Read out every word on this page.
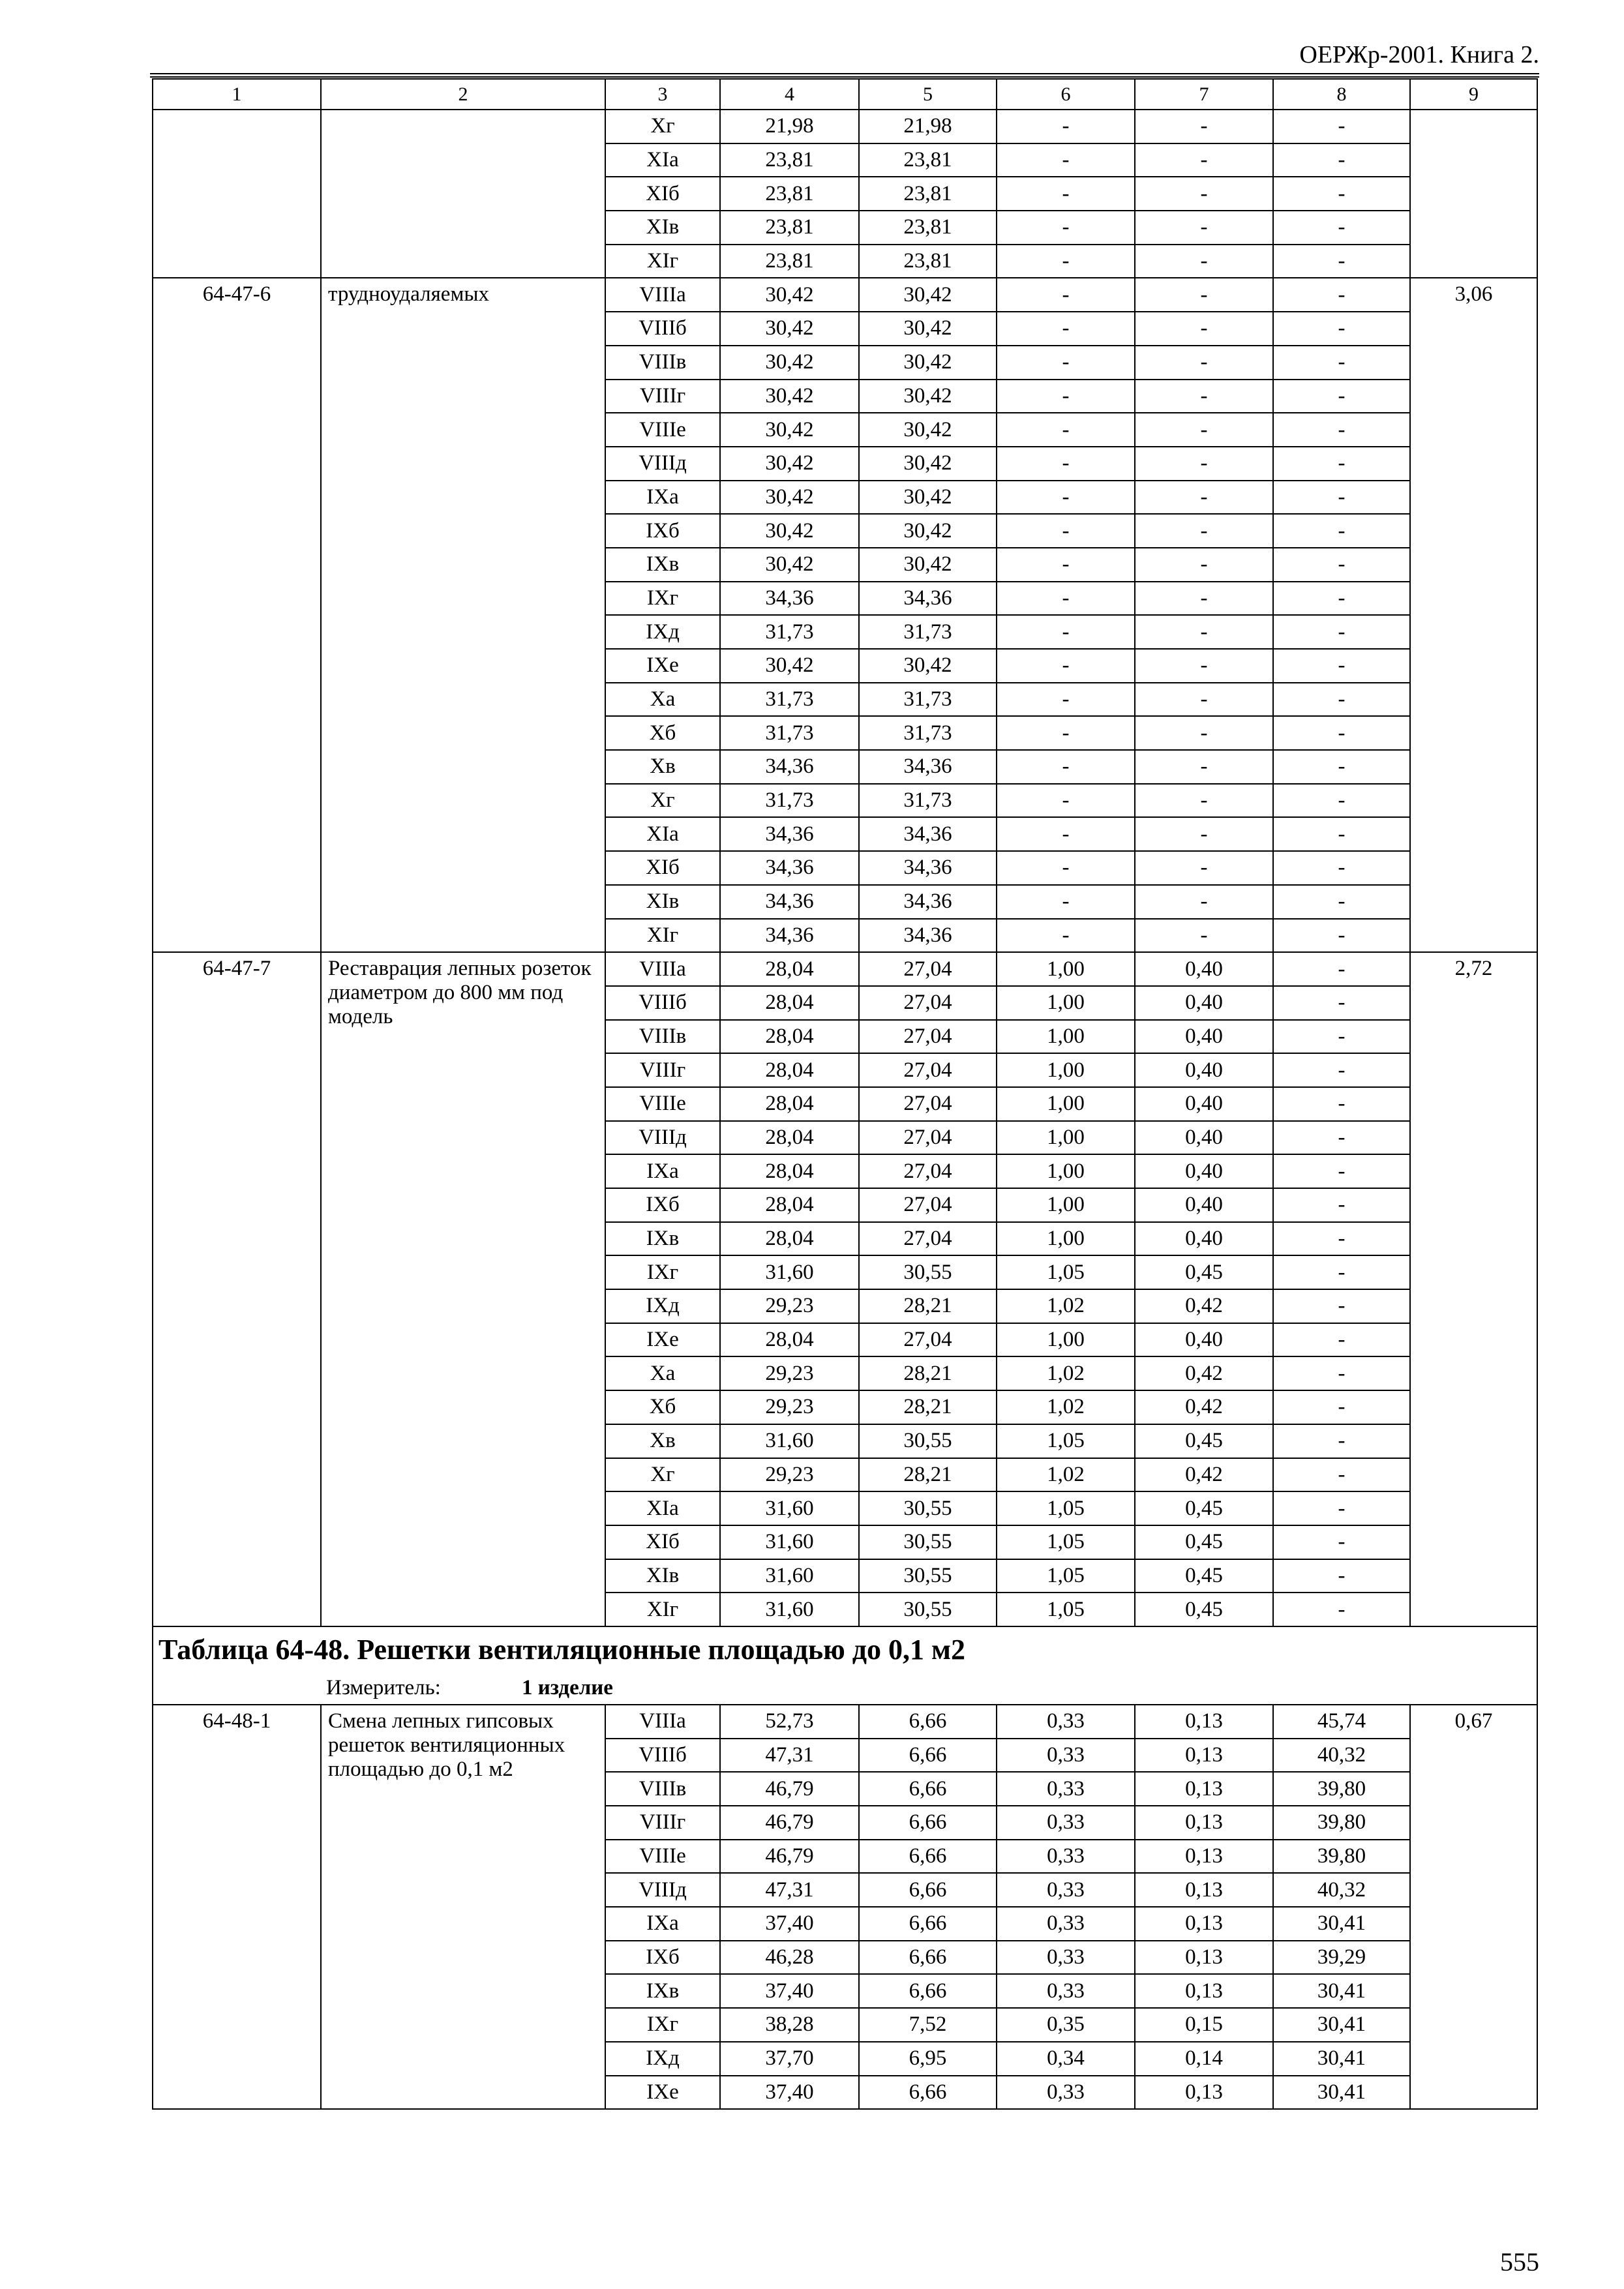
ОЕРЖр-2001. Книга 2.
1	2	3	4	5	6	7	8	9
		Xг	21,98	21,98	-	-	-	
		XIа	23,81	23,81	-	-	-	
		XIб	23,81	23,81	-	-	-	
		XIв	23,81	23,81	-	-	-	
		XIг	23,81	23,81	-	-	-	
64-47-6	трудноудаляемых	VIIIа	30,42	30,42	-	-	-	3,06
		VIIIб	30,42	30,42	-	-	-	
		VIIIв	30,42	30,42	-	-	-	
		VIIIг	30,42	30,42	-	-	-	
		VIIIе	30,42	30,42	-	-	-	
		VIIIд	30,42	30,42	-	-	-	
		IXа	30,42	30,42	-	-	-	
		IXб	30,42	30,42	-	-	-	
		IXв	30,42	30,42	-	-	-	
		IXг	34,36	34,36	-	-	-	
		IXд	31,73	31,73	-	-	-	
		IXе	30,42	30,42	-	-	-	
		Xа	31,73	31,73	-	-	-	
		Xб	31,73	31,73	-	-	-	
		Xв	34,36	34,36	-	-	-	
		Xг	31,73	31,73	-	-	-	
		XIа	34,36	34,36	-	-	-	
		XIб	34,36	34,36	-	-	-	
		XIв	34,36	34,36	-	-	-	
		XIг	34,36	34,36	-	-	-	
64-47-7	Реставрация лепных розеток диаметром до 800 мм под модель	VIIIа	28,04	27,04	1,00	0,40	-	2,72
		VIIIб	28,04	27,04	1,00	0,40	-	
		VIIIв	28,04	27,04	1,00	0,40	-	
		VIIIг	28,04	27,04	1,00	0,40	-	
		VIIIе	28,04	27,04	1,00	0,40	-	
		VIIIд	28,04	27,04	1,00	0,40	-	
		IXа	28,04	27,04	1,00	0,40	-	
		IXб	28,04	27,04	1,00	0,40	-	
		IXв	28,04	27,04	1,00	0,40	-	
		IXг	31,60	30,55	1,05	0,45	-	
		IXд	29,23	28,21	1,02	0,42	-	
		IXе	28,04	27,04	1,00	0,40	-	
		Xа	29,23	28,21	1,02	0,42	-	
		Xб	29,23	28,21	1,02	0,42	-	
		Xв	31,60	30,55	1,05	0,45	-	
		Xг	29,23	28,21	1,02	0,42	-	
		XIа	31,60	30,55	1,05	0,45	-	
		XIб	31,60	30,55	1,05	0,45	-	
		XIв	31,60	30,55	1,05	0,45	-	
		XIг	31,60	30,55	1,05	0,45	-	
Таблица 64-48. Решетки вентиляционные площадью до 0,1 м2								
Измеритель: 1 изделие								
64-48-1	Смена лепных гипсовых решеток вентиляционных площадью до 0,1 м2	VIIIа	52,73	6,66	0,33	0,13	45,74	0,67
		VIIIб	47,31	6,66	0,33	0,13	40,32	
		VIIIв	46,79	6,66	0,33	0,13	39,80	
		VIIIг	46,79	6,66	0,33	0,13	39,80	
		VIIIе	46,79	6,66	0,33	0,13	39,80	
		VIIIд	47,31	6,66	0,33	0,13	40,32	
		IXа	37,40	6,66	0,33	0,13	30,41	
		IXб	46,28	6,66	0,33	0,13	39,29	
		IXв	37,40	6,66	0,33	0,13	30,41	
		IXг	38,28	7,52	0,35	0,15	30,41	
		IXд	37,70	6,95	0,34	0,14	30,41	
		IXе	37,40	6,66	0,33	0,13	30,41	
555
